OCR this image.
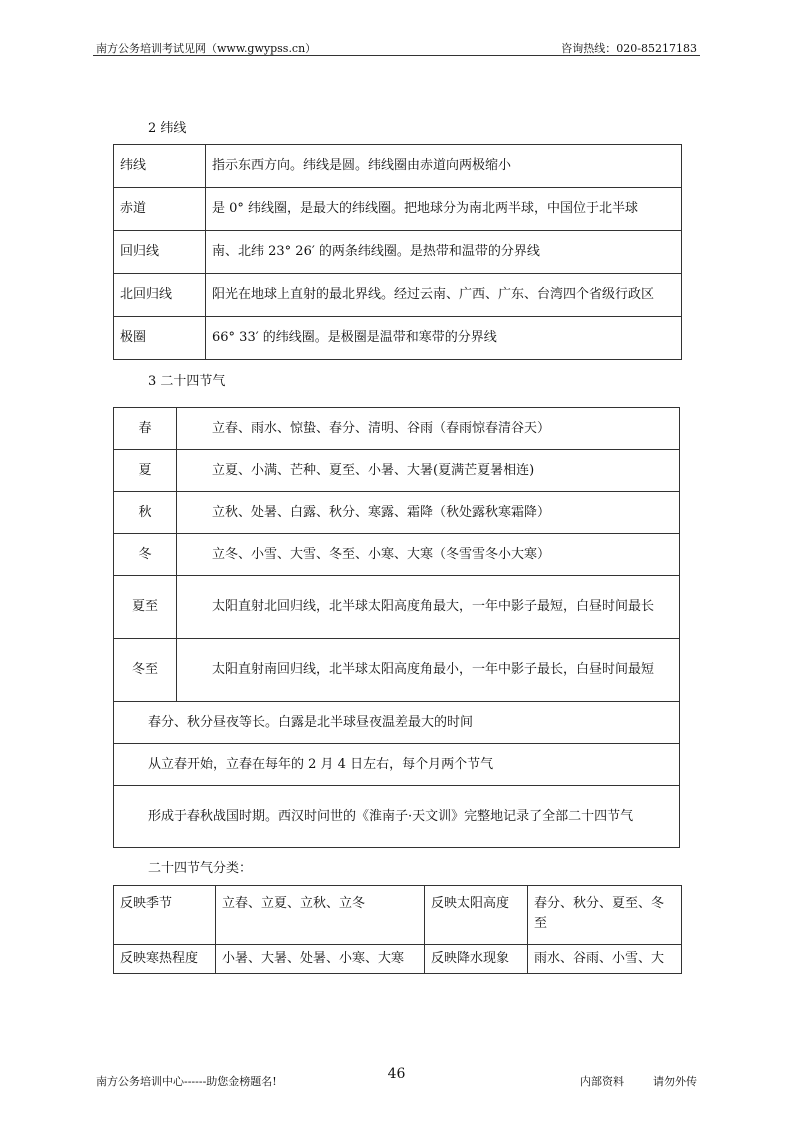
南方公务培训考试见网（www.gwypss.cn）	咨询热线：020-85217183
2 纬线
纬线	指示东西方向。纬线是圆。纬线圈由赤道向两极缩小
赤道	是 0° 纬线圈，是最大的纬线圈。把地球分为南北两半球，中国位于北半球
回归线	南、北纬 23° 26′ 的两条纬线圈。是热带和温带的分界线
北回归线	阳光在地球上直射的最北界线。经过云南、广西、广东、台湾四个省级行政区
极圈	66° 33′ 的纬线圈。是极圈是温带和寒带的分界线
3 二十四节气
春	立春、雨水、惊蛰、春分、清明、谷雨（春雨惊春清谷天）
夏	立夏、小满、芒种、夏至、小暑、大暑(夏满芒夏暑相连)
秋	立秋、处暑、白露、秋分、寒露、霜降（秋处露秋寒霜降）
冬	立冬、小雪、大雪、冬至、小寒、大寒（冬雪雪冬小大寒）
夏至	太阳直射北回归线，北半球太阳高度角最大，一年中影子最短，白昼时间最长
冬至	太阳直射南回归线，北半球太阳高度角最小，一年中影子最长，白昼时间最短
春分、秋分昼夜等长。白露是北半球昼夜温差最大的时间	
从立春开始，立春在每年的 2 月 4 日左右，每个月两个节气	
形成于春秋战国时期。西汉时问世的《淮南子·天文训》完整地记录了全部二十四节气	
二十四节气分类：
反映季节	立春、立夏、立秋、立冬	反映太阳高度	春分、秋分、夏至、冬至
反映寒热程度	小暑、大暑、处暑、小寒、大寒	反映降水现象	雨水、谷雨、小雪、大
46
南方公务培训中心------助您金榜题名!	内部资料	请勿外传
